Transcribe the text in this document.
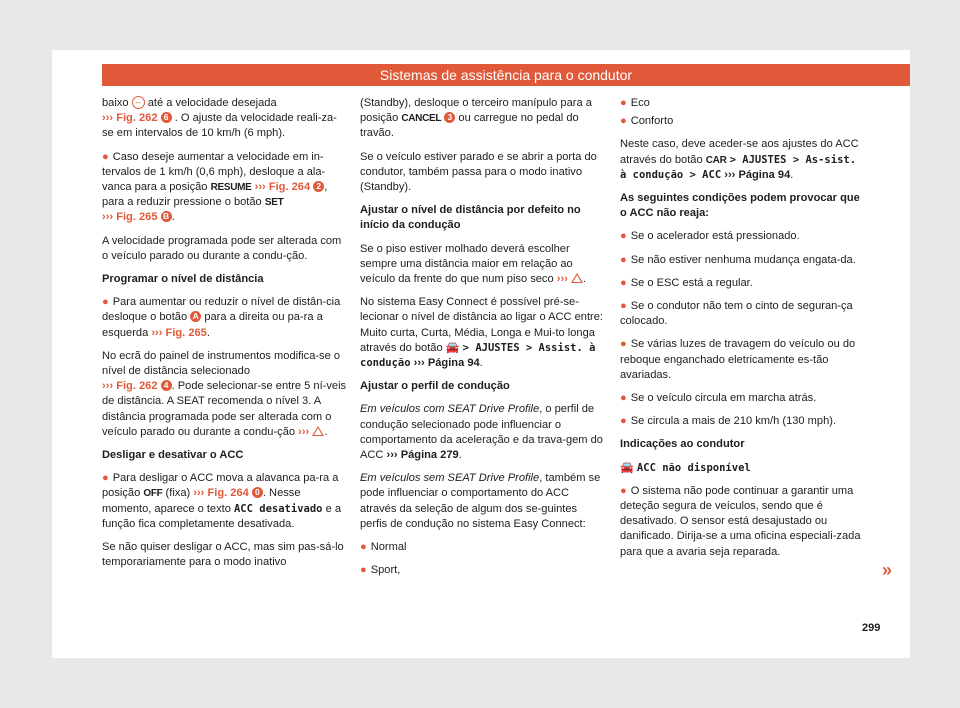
Sistemas de assistência para o condutor

baixo – até a velocidade desejada
››› Fig. 262 6 . O ajuste da velocidade reali-za-se em intervalos de 10 km/h (6 mph).

● Caso deseje aumentar a velocidade em in-tervalos de 1 km/h (0,6 mph), desloque a ala-vanca para a posição RESUME ››› Fig. 264 2 , para a reduzir pressione o botão SET
››› Fig. 265 B .

A velocidade programada pode ser alterada com o veículo parado ou durante a condu-ção.

Programar o nível de distância

● Para aumentar ou reduzir o nível de distân-cia desloque o botão A para a direita ou pa-ra a esquerda ››› Fig. 265.

No ecrã do painel de instrumentos modifica-se o nível de distância selecionado
››› Fig. 262 4 . Pode selecionar-se entre 5 ní-veis de distância. A SEAT recomenda o nível 3. A distância programada pode ser alterada com o veículo parado ou durante a condu-ção ››› .

Desligar e desativar o ACC

● Para desligar o ACC mova a alavanca pa-ra a posição OFF (fixa) ››› Fig. 264 0 . Nesse momento, aparece o texto ACC desativado e a função fica completamente desativada.

Se não quiser desligar o ACC, mas sim pas-sá-lo temporariamente para o modo inativo

(Standby), desloque o terceiro manípulo para a posição CANCEL 3 ou carregue no pedal do travão.

Se o veículo estiver parado e se abrir a porta do condutor, também passa para o modo inativo (Standby).

Ajustar o nível de distância por defeito no início da condução

Se o piso estiver molhado deverá escolher sempre uma distância maior em relação ao veículo da frente do que num piso seco ››› .

No sistema Easy Connect é possível pré-se-lecionar o nível de distância ao ligar o ACC entre: Muito curta, Curta, Média, Longa e Mui-to longa através do botão 🚘 > AJUSTES > Assist. à condução ››› Página 94.

Ajustar o perfil de condução

Em veículos com SEAT Drive Profile, o perfil de condução selecionado pode influenciar o comportamento da aceleração e da trava-gem do ACC ››› Página 279.

Em veículos sem SEAT Drive Profile, também se pode influenciar o comportamento do ACC através da seleção de algum dos se-guintes perfis de condução no sistema Easy Connect:

● Normal

● Sport,

● Eco

● Conforto

Neste caso, deve aceder-se aos ajustes do ACC através do botão CAR > AJUSTES > As-sist. à condução > ACC ››› Página 94.

As seguintes condições podem provocar que o ACC não reaja:

● Se o acelerador está pressionado.

● Se não estiver nenhuma mudança engata-da.

● Se o ESC está a regular.

● Se o condutor não tem o cinto de seguran-ça colocado.

● Se várias luzes de travagem do veículo ou do reboque enganchado eletricamente es-tão avariadas.

● Se o veículo circula em marcha atrás.

● Se circula a mais de 210 km/h (130 mph).

Indicações ao condutor

🚘 ACC não disponível

● O sistema não pode continuar a garantir uma deteção segura de veículos, sendo que é desativado. O sensor está desajustado ou danificado. Dirija-se a uma oficina especiali-zada para que a avaria seja reparada.

»
299
